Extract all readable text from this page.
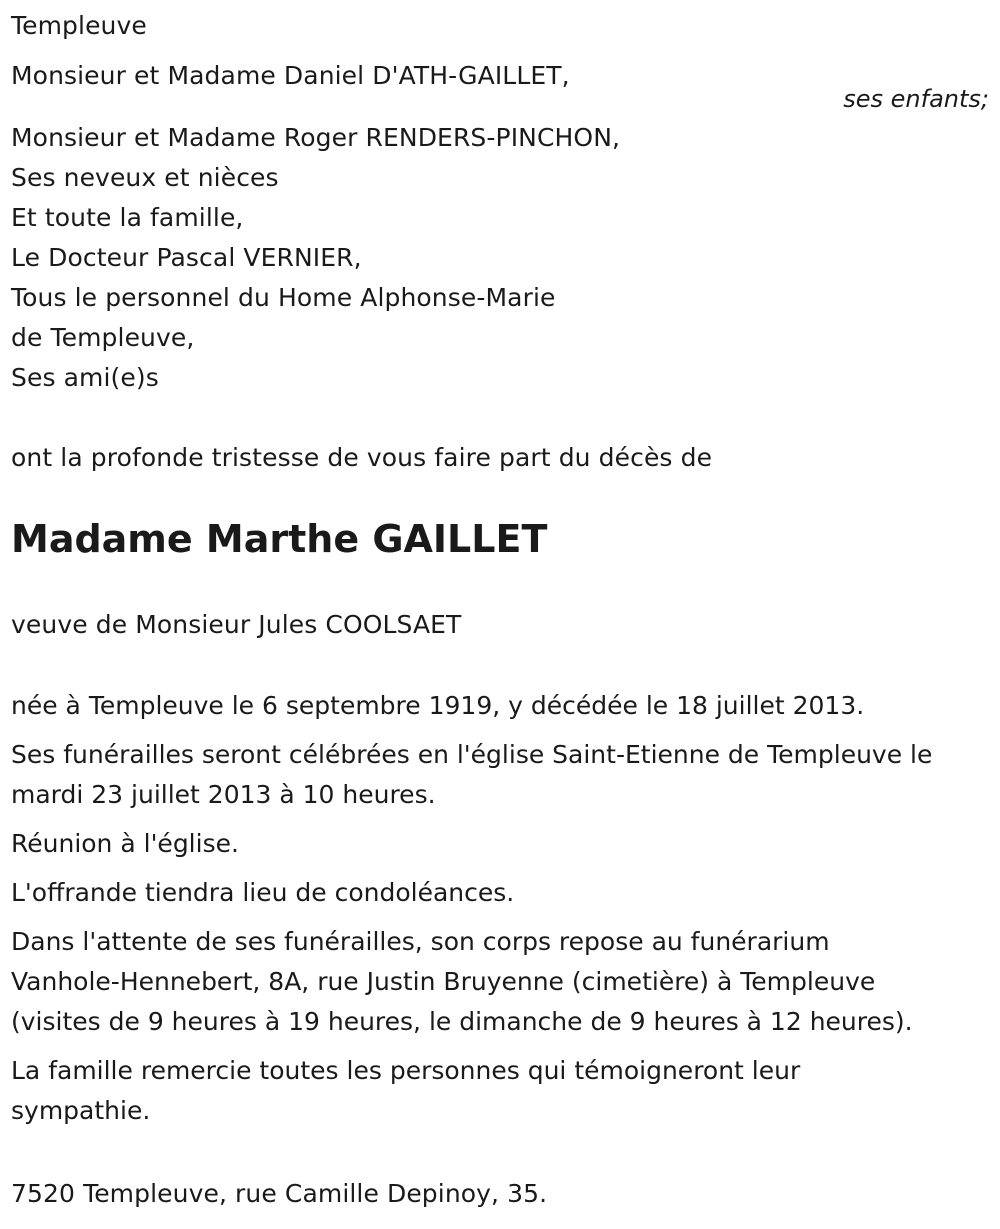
Templeuve
Monsieur et Madame Daniel D'ATH-GAILLET,
ses enfants;
Monsieur et Madame Roger RENDERS-PINCHON,
Ses neveux et nièces
Et toute la famille,
Le Docteur Pascal VERNIER,
Tous le personnel du Home Alphonse-Marie
de Templeuve,
Ses ami(e)s
ont la profonde tristesse de vous faire part du décès de
Madame Marthe GAILLET
veuve de Monsieur Jules COOLSAET

née à Templeuve le 6 septembre 1919, y décédée le 18 juillet 2013.

Ses funérailles seront célébrées en l'église Saint-Etienne de Templeuve le
mardi 23 juillet 2013 à 10 heures.

Réunion à l'église.

L'offrande tiendra lieu de condoléances.

Dans l'attente de ses funérailles, son corps repose au funérarium
Vanhole-Hennebert, 8A, rue Justin Bruyenne (cimetière) à Templeuve
(visites de 9 heures à 19 heures, le dimanche de 9 heures à 12 heures).

La famille remercie toutes les personnes qui témoigneront leur
sympathie.

7520 Templeuve, rue Camille Depinoy, 35.
